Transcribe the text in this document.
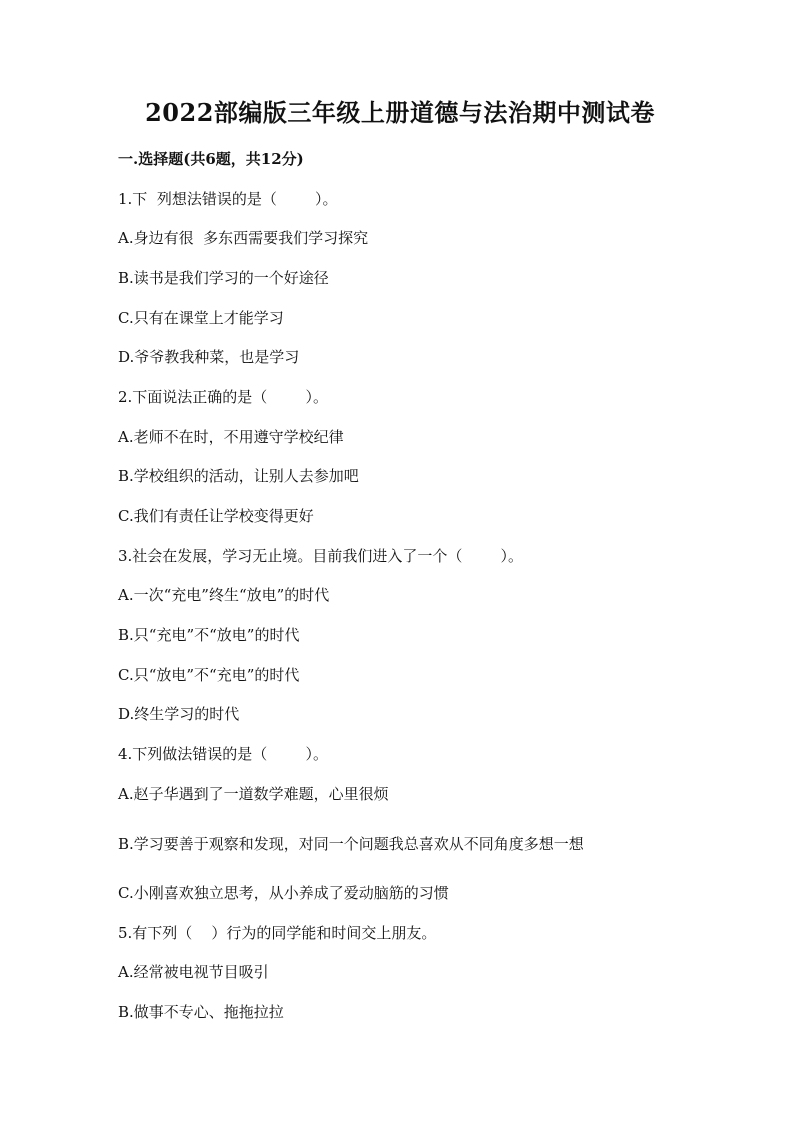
2022部编版三年级上册道德与法治期中测试卷
一.选择题(共6题，共12分)
1.下  列想法错误的是（        ）。
A.身边有很  多东西需要我们学习探究
B.读书是我们学习的一个好途径
C.只有在课堂上才能学习
D.爷爷教我种菜，也是学习
2.下面说法正确的是（        ）。
A.老师不在时，不用遵守学校纪律
B.学校组织的活动，让别人去参加吧
C.我们有责任让学校变得更好
3.社会在发展，学习无止境。目前我们进入了一个（        ）。
A.一次“充电”终生“放电”的时代
B.只“充电”不“放电”的时代
C.只“放电”不“充电”的时代
D.终生学习的时代
4.下列做法错误的是（        ）。
A.赵子华遇到了一道数学难题，心里很烦
B.学习要善于观察和发现，对同一个问题我总喜欢从不同角度多想一想
C.小刚喜欢独立思考，从小养成了爱动脑筋的习惯
5.有下列（    ）行为的同学能和时间交上朋友。
A.经常被电视节目吸引
B.做事不专心、拖拖拉拉
